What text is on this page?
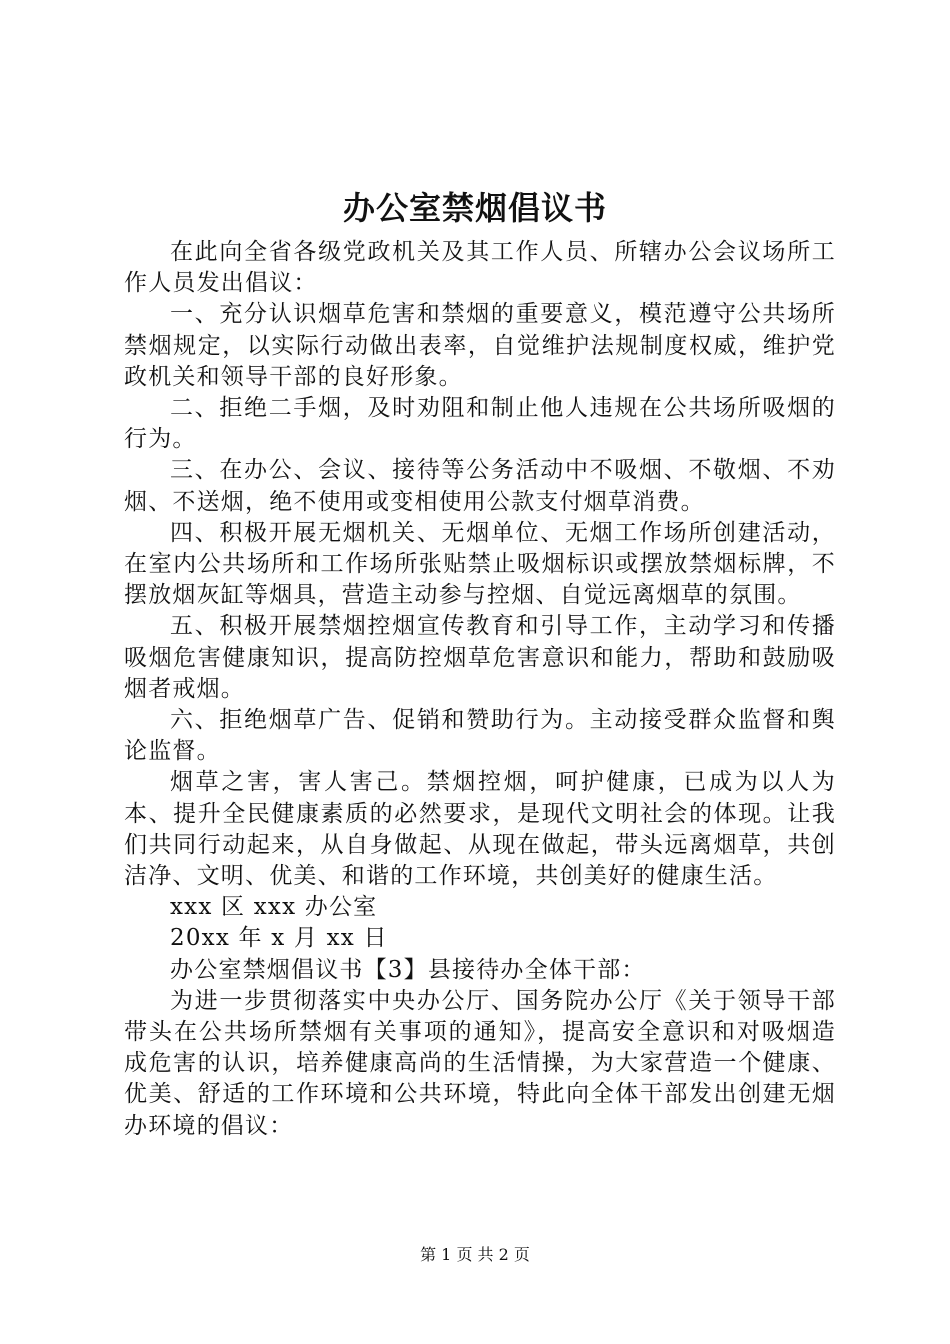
办公室禁烟倡议书

在此向全省各级党政机关及其工作人员、所辖办公会议场所工作人员发出倡议：

一、充分认识烟草危害和禁烟的重要意义，模范遵守公共场所禁烟规定，以实际行动做出表率，自觉维护法规制度权威，维护党政机关和领导干部的良好形象。

二、拒绝二手烟，及时劝阻和制止他人违规在公共场所吸烟的行为。

三、在办公、会议、接待等公务活动中不吸烟、不敬烟、不劝烟、不送烟，绝不使用或变相使用公款支付烟草消费。

四、积极开展无烟机关、无烟单位、无烟工作场所创建活动，在室内公共场所和工作场所张贴禁止吸烟标识或摆放禁烟标牌，不摆放烟灰缸等烟具，营造主动参与控烟、自觉远离烟草的氛围。

五、积极开展禁烟控烟宣传教育和引导工作，主动学习和传播吸烟危害健康知识，提高防控烟草危害意识和能力，帮助和鼓励吸烟者戒烟。

六、拒绝烟草广告、促销和赞助行为。主动接受群众监督和舆论监督。

烟草之害，害人害己。禁烟控烟，呵护健康，已成为以人为本、提升全民健康素质的必然要求，是现代文明社会的体现。让我们共同行动起来，从自身做起、从现在做起，带头远离烟草，共创洁净、文明、优美、和谐的工作环境，共创美好的健康生活。

xxx 区 xxx 办公室

20xx 年 x 月 xx 日

办公室禁烟倡议书【3】县接待办全体干部：

为进一步贯彻落实中央办公厅、国务院办公厅《关于领导干部带头在公共场所禁烟有关事项的通知》，提高安全意识和对吸烟造成危害的认识，培养健康高尚的生活情操，为大家营造一个健康、优美、舒适的工作环境和公共环境，特此向全体干部发出创建无烟办环境的倡议：

第 1 页 共 2 页
